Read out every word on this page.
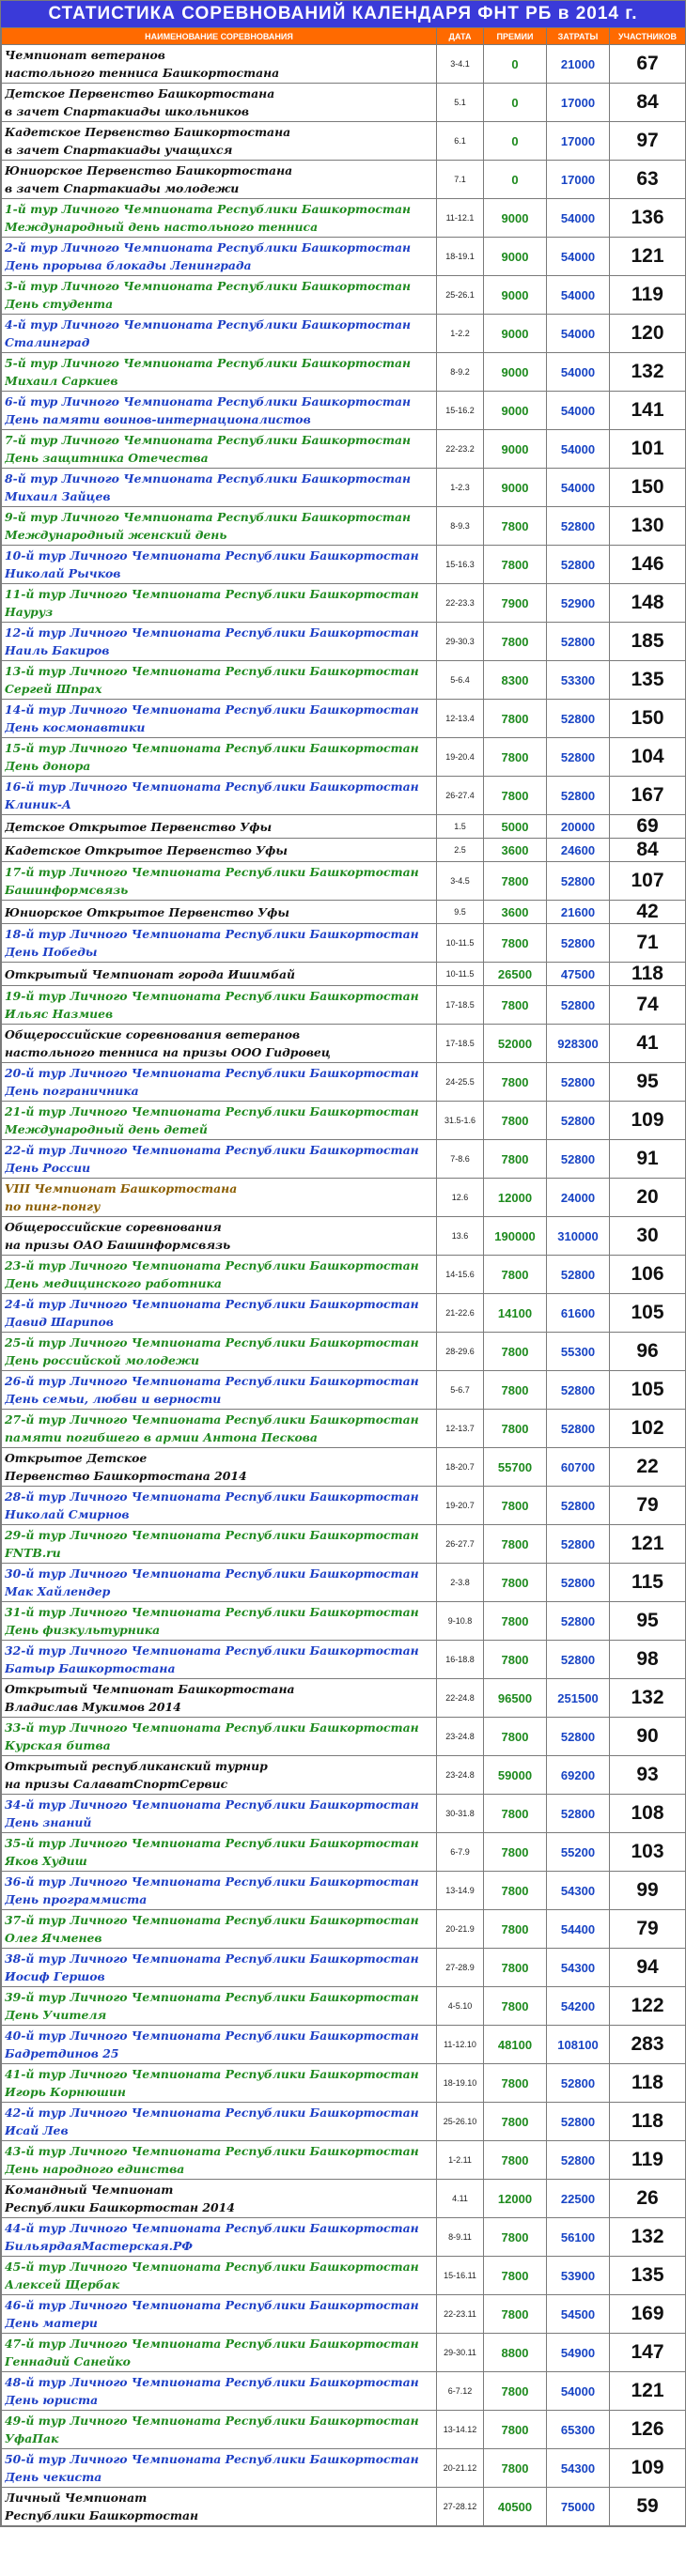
СТАТИСТИКА СОРЕВНОВАНИЙ КАЛЕНДАРЯ ФНТ РБ в 2014 г.
НАИМЕНОВАНИЕ СОРЕВНОВАНИЯ	ДАТА	ПРЕМИИ	ЗАТРАТЫ	УЧАСТНИКОВ

Чемпионат ветеранов
настольного тенниса Башкортостана	3-4.1	0	21000	67

Детское Первенство Башкортостана
в зачет Спартакиады школьников	5.1	0	17000	84

Кадетское Первенство Башкортостана
в зачет Спартакиады учащихся	6.1	0	17000	97

Юниорское Первенство Башкортостана
в зачет Спартакиады молодежи	7.1	0	17000	63

1-й тур Личного Чемпионата Республики Башкортостан
Международный день настольного тенниса	11-12.1	9000	54000	136

2-й тур Личного Чемпионата Республики Башкортостан
День прорыва блокады Ленинграда	18-19.1	9000	54000	121

3-й тур Личного Чемпионата Республики Башкортостан
День студента	25-26.1	9000	54000	119

4-й тур Личного Чемпионата Республики Башкортостан
Сталинград	1-2.2	9000	54000	120

5-й тур Личного Чемпионата Республики Башкортостан
Михаил Саркиев	8-9.2	9000	54000	132

6-й тур Личного Чемпионата Республики Башкортостан
День памяти воинов-интернационалистов	15-16.2	9000	54000	141

7-й тур Личного Чемпионата Республики Башкортостан
День защитника Отечества	22-23.2	9000	54000	101

8-й тур Личного Чемпионата Республики Башкортостан
Михаил Зайцев	1-2.3	9000	54000	150

9-й тур Личного Чемпионата Республики Башкортостан
Международный женский день	8-9.3	7800	52800	130

10-й тур Личного Чемпионата Республики Башкортостан
Николай Рычков	15-16.3	7800	52800	146

11-й тур Личного Чемпионата Республики Башкортостан
Науруз	22-23.3	7900	52900	148

12-й тур Личного Чемпионата Республики Башкортостан
Наиль Бакиров	29-30.3	7800	52800	185

13-й тур Личного Чемпионата Республики Башкортостан
Сергей Шпрах	5-6.4	8300	53300	135

14-й тур Личного Чемпионата Республики Башкортостан
День космонавтики	12-13.4	7800	52800	150

15-й тур Личного Чемпионата Республики Башкортостан
День донора	19-20.4	7800	52800	104

16-й тур Личного Чемпионата Республики Башкортостан
Клиник-А	26-27.4	7800	52800	167

Детское Открытое Первенство Уфы	1.5	5000	20000	69

Кадетское Открытое Первенство Уфы	2.5	3600	24600	84

17-й тур Личного Чемпионата Республики Башкортостан
Башинформсвязь	3-4.5	7800	52800	107

Юниорское Открытое Первенство Уфы	9.5	3600	21600	42

18-й тур Личного Чемпионата Республики Башкортостан
День Победы	10-11.5	7800	52800	71

Открытый Чемпионат города Ишимбай	10-11.5	26500	47500	118

19-й тур Личного Чемпионата Республики Башкортостан
Ильяс Назмиев	17-18.5	7800	52800	74

Общероссийские соревнования ветеранов
настольного тенниса на призы ООО Гидровец	17-18.5	52000	928300	41

20-й тур Личного Чемпионата Республики Башкортостан
День пограничника	24-25.5	7800	52800	95

21-й тур Личного Чемпионата Республики Башкортостан
Международный день детей	31.5-1.6	7800	52800	109

22-й тур Личного Чемпионата Республики Башкортостан
День России	7-8.6	7800	52800	91

VIII Чемпионат Башкортостана
по пинг-понгу	12.6	12000	24000	20

Общероссийские соревнования
на призы ОАО Башинформсвязь	13.6	190000	310000	30

23-й тур Личного Чемпионата Республики Башкортостан
День медицинского работника	14-15.6	7800	52800	106

24-й тур Личного Чемпионата Республики Башкортостан
Давид Шарипов	21-22.6	14100	61600	105

25-й тур Личного Чемпионата Республики Башкортостан
День российской молодежи	28-29.6	7800	55300	96

26-й тур Личного Чемпионата Республики Башкортостан
День семьи, любви и верности	5-6.7	7800	52800	105

27-й тур Личного Чемпионата Республики Башкортостан
памяти погибшего в армии Антона Пескова	12-13.7	7800	52800	102

Открытое Детское
Первенство Башкортостана 2014	18-20.7	55700	60700	22

28-й тур Личного Чемпионата Республики Башкортостан
Николай Смирнов	19-20.7	7800	52800	79

29-й тур Личного Чемпионата Республики Башкортостан
FNTB.ru	26-27.7	7800	52800	121

30-й тур Личного Чемпионата Республики Башкортостан
Мак Хайлендер	2-3.8	7800	52800	115

31-й тур Личного Чемпионата Республики Башкортостан
День физкультурника	9-10.8	7800	52800	95

32-й тур Личного Чемпионата Республики Башкортостан
Батыр Башкортостана	16-18.8	7800	52800	98

Открытый Чемпионат Башкортостана
Владислав Мукимов 2014	22-24.8	96500	251500	132

33-й тур Личного Чемпионата Республики Башкортостан
Курская битва	23-24.8	7800	52800	90

Открытый республиканский турнир
на призы СалаватСпортСервис	23-24.8	59000	69200	93

34-й тур Личного Чемпионата Республики Башкортостан
День знаний	30-31.8	7800	52800	108

35-й тур Личного Чемпионата Республики Башкортостан
Яков Худиш	6-7.9	7800	55200	103

36-й тур Личного Чемпионата Республики Башкортостан
День программиста	13-14.9	7800	54300	99

37-й тур Личного Чемпионата Республики Башкортостан
Олег Ячменев	20-21.9	7800	54400	79

38-й тур Личного Чемпионата Республики Башкортостан
Иосиф Гершов	27-28.9	7800	54300	94

39-й тур Личного Чемпионата Республики Башкортостан
День Учителя	4-5.10	7800	54200	122

40-й тур Личного Чемпионата Республики Башкортостан
Бадретдинов 25	11-12.10	48100	108100	283

41-й тур Личного Чемпионата Республики Башкортостан
Игорь Корнюшин	18-19.10	7800	52800	118

42-й тур Личного Чемпионата Республики Башкортостан
Исай Лев	25-26.10	7800	52800	118

43-й тур Личного Чемпионата Республики Башкортостан
День народного единства	1-2.11	7800	52800	119

Командный Чемпионат
Республики Башкортостан 2014	4.11	12000	22500	26

44-й тур Личного Чемпионата Республики Башкортостан
БильярдаяМастерская.РФ	8-9.11	7800	56100	132

45-й тур Личного Чемпионата Республики Башкортостан
Алексей Щербак	15-16.11	7800	53900	135

46-й тур Личного Чемпионата Республики Башкортостан
День матери	22-23.11	7800	54500	169

47-й тур Личного Чемпионата Республики Башкортостан
Геннадий Санейко	29-30.11	8800	54900	147

48-й тур Личного Чемпионата Республики Башкортостан
День юриста	6-7.12	7800	54000	121

49-й тур Личного Чемпионата Республики Башкортостан
УфаПак	13-14.12	7800	65300	126

50-й тур Личного Чемпионата Республики Башкортостан
День чекиста	20-21.12	7800	54300	109

Личный Чемпионат
Республики Башкортостан	27-28.12	40500	75000	59
